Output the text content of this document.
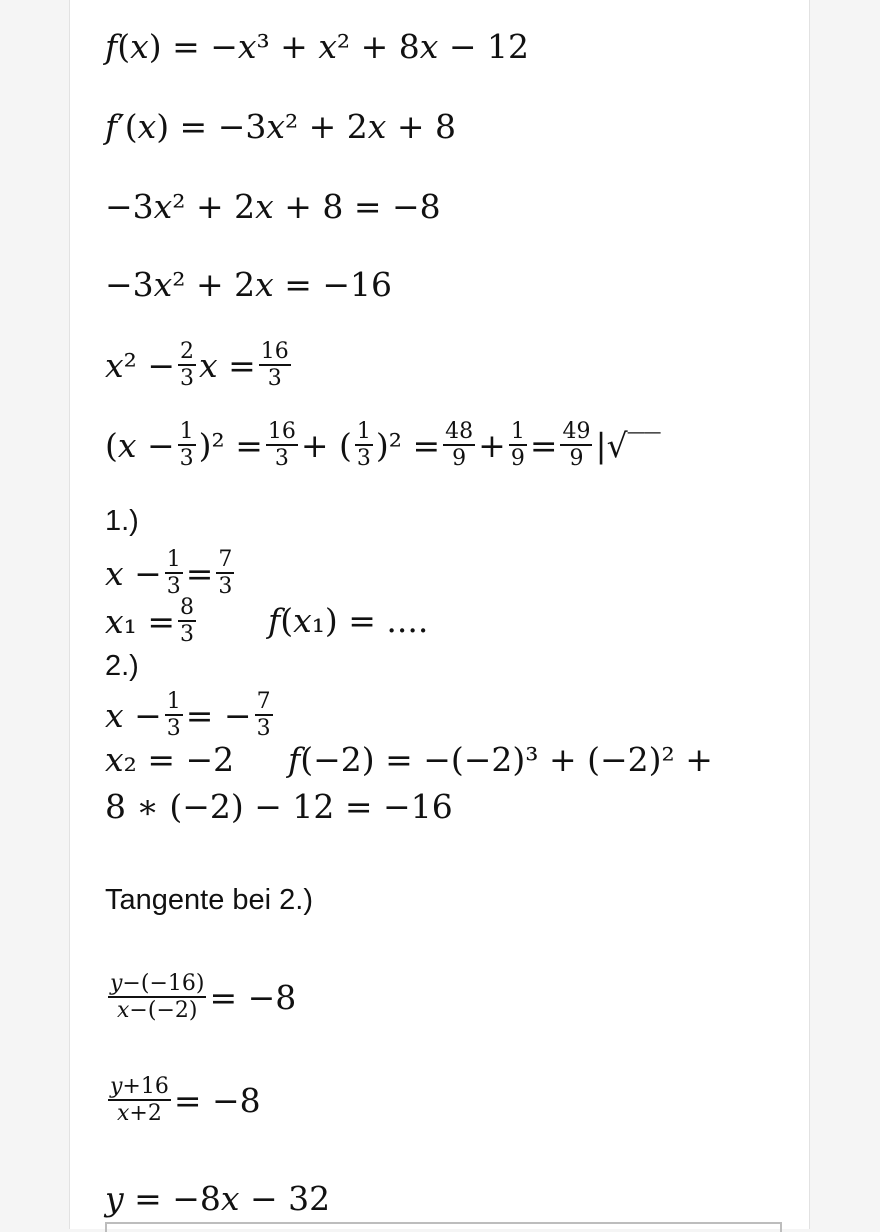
𝑓(𝑥) = −𝑥³ + 𝑥² + 8𝑥 − 12
𝑓′(𝑥) = −3𝑥² + 2𝑥 + 8
−3𝑥² + 2𝑥 + 8 = −8
−3𝑥² + 2𝑥 = −16
𝑥² − $\frac{2}{3}$ 𝑥 = $\frac{16}{3}$
(𝑥 − $\frac{1}{3} )^2 = \frac{16}{3}$ + ( $\frac{1}{3} )^2 = \frac{48}{9} + \frac{1}{9} = \frac{49}{9}$ |√‾‾
1.)
𝑥 − $\frac{1}{3} = \frac{7}{3}$
𝑥₁ = $\frac{8}{3}$ 𝑓(𝑥₁) = ....
2.)
𝑥 − $\frac{1}{3}$ = − $\frac{7}{3}$
𝑥₂ = −2 𝑓(−2) = −(−2)³ + (−2)² +
8 ∗ (−2) − 12 = −16
Tangente bei 2.)
$\frac{\text{𝑦−(−16)}}{\text{𝑥−(−2)}} = -8$
$\frac{\text{𝑦+16}}{\text{𝑥+2}} = -8$
𝑦 = −8𝑥 − 32
